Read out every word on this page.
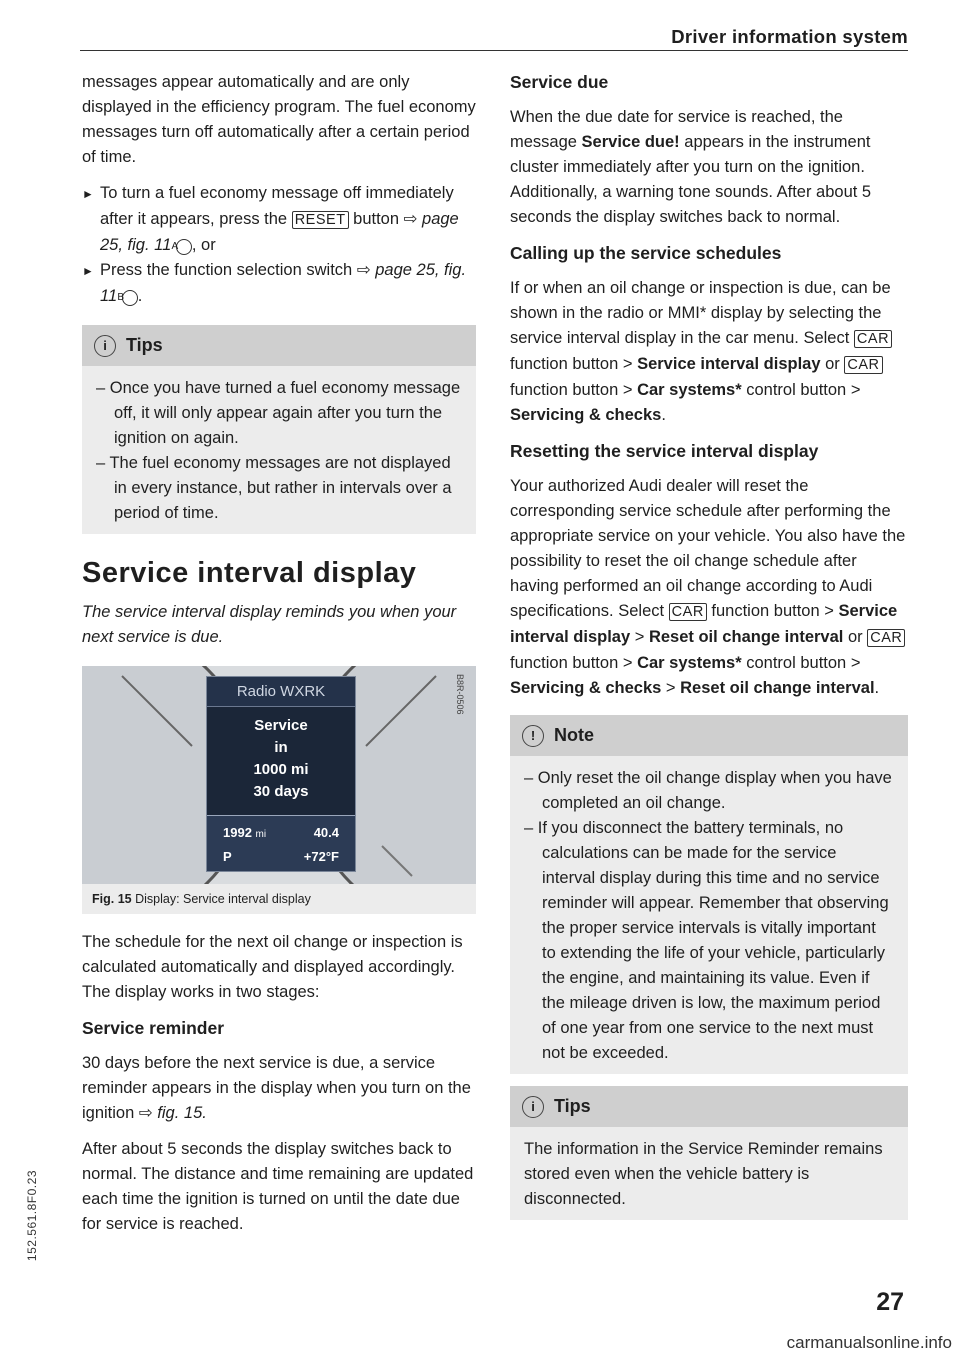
Driver information system

messages appear automatically and are only displayed in the efficiency program. The fuel economy messages turn off automatically after a certain period of time.

► To turn a fuel economy message off immediately after it appears, press the RESET button ⇨ page 25, fig. 11 A , or

► Press the function selection switch ⇨ page 25, fig. 11 B .

i	Tips

– Once you have turned a fuel economy message off, it will only appear again after you turn the ignition on again.

– The fuel economy messages are not displayed in every instance, but rather in intervals over a period of time.

Service interval display

The service interval display reminds you when your next service is due.

Radio WXRK
Service
in
1000 mi
30 days
1992 mi	40.4
P	+72°F
B8R-0506
Fig. 15 Display: Service interval display

The schedule for the next oil change or inspection is calculated automatically and displayed accordingly. The display works in two stages:

Service reminder

30 days before the next service is due, a service reminder appears in the display when you turn on the ignition ⇨ fig. 15.

After about 5 seconds the display switches back to normal. The distance and time remaining are updated each time the ignition is turned on until the date due for service is reached.

Service due

When the due date for service is reached, the message Service due! appears in the instrument cluster immediately after you turn on the ignition. Additionally, a warning tone sounds. After about 5 seconds the display switches back to normal.

Calling up the service schedules

If or when an oil change or inspection is due, can be shown in the radio or MMI* display by selecting the service interval display in the car menu. Select CAR function button > Service interval display or CAR function button > Car systems* control button > Servicing & checks.

Resetting the service interval display

Your authorized Audi dealer will reset the corresponding service schedule after performing the appropriate service on your vehicle. You also have the possibility to reset the oil change schedule after having performed an oil change according to Audi specifications. Select CAR function button > Service interval display > Reset oil change interval or CAR function button > Car systems* control button > Servicing & checks > Reset oil change interval.

!	Note

– Only reset the oil change display when you have completed an oil change.

– If you disconnect the battery terminals, no calculations can be made for the service interval display during this time and no service reminder will appear. Remember that observing the proper service intervals is vitally important to extending the life of your vehicle, particularly the engine, and maintaining its value. Even if the mileage driven is low, the maximum period of one year from one service to the next must not be exceeded.

i	Tips

The information in the Service Reminder remains stored even when the vehicle battery is disconnected.

152.561.8F0.23
27
carmanualsonline.info
